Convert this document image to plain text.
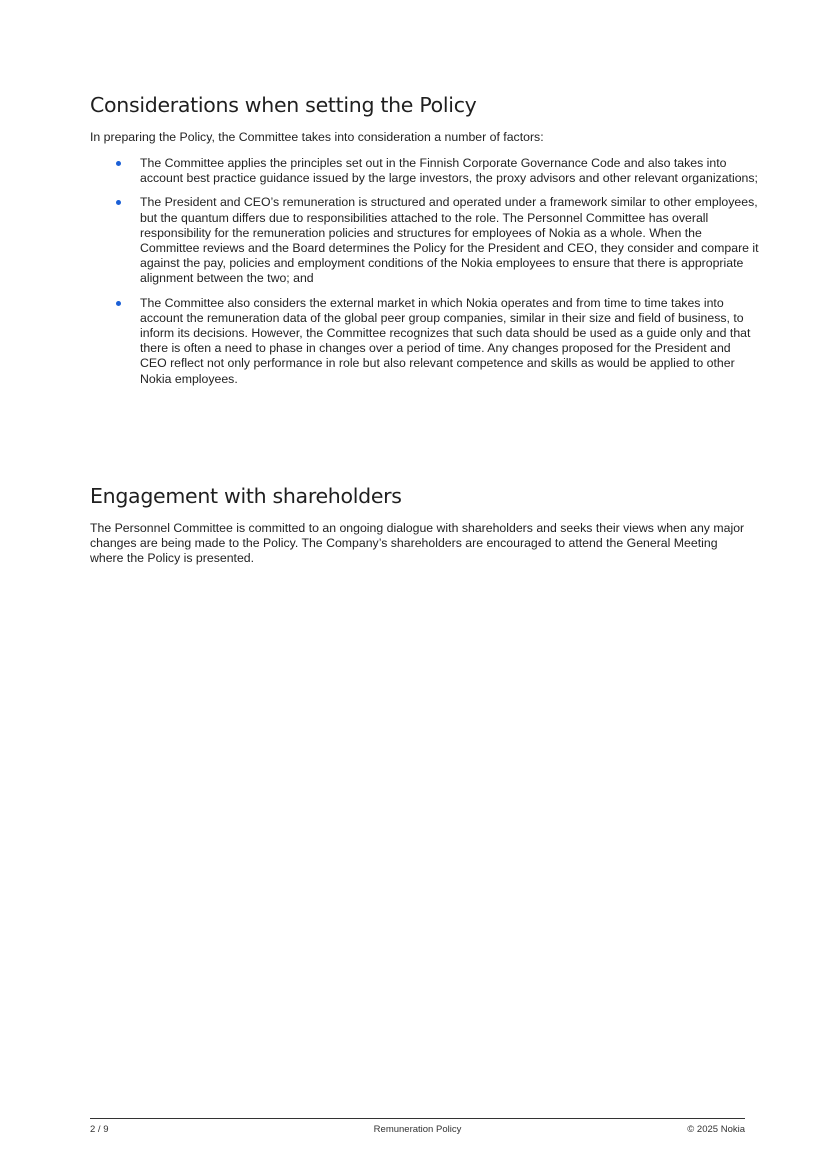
Considerations when setting the Policy

In preparing the Policy, the Committee takes into consideration a number of factors:

The Committee applies the principles set out in the Finnish Corporate Governance Code and also takes into account best practice guidance issued by the large investors, the proxy advisors and other relevant organizations;
The President and CEO’s remuneration is structured and operated under a framework similar to other employees, but the quantum differs due to responsibilities attached to the role. The Personnel Committee has overall responsibility for the remuneration policies and structures for employees of Nokia as a whole. When the Committee reviews and the Board determines the Policy for the President and CEO, they consider and compare it against the pay, policies and employment conditions of the Nokia employees to ensure that there is appropriate alignment between the two; and
The Committee also considers the external market in which Nokia operates and from time to time takes into account the remuneration data of the global peer group companies, similar in their size and field of business, to inform its decisions. However, the Committee recognizes that such data should be used as a guide only and that there is often a need to phase in changes over a period of time. Any changes proposed for the President and CEO reflect not only performance in role but also relevant competence and skills as would be applied to other Nokia employees.
Engagement with shareholders

The Personnel Committee is committed to an ongoing dialogue with shareholders and seeks their views when any major changes are being made to the Policy. The Company’s shareholders are encouraged to attend the General Meeting where the Policy is presented.

2 / 9	Remuneration Policy	© 2025 Nokia
